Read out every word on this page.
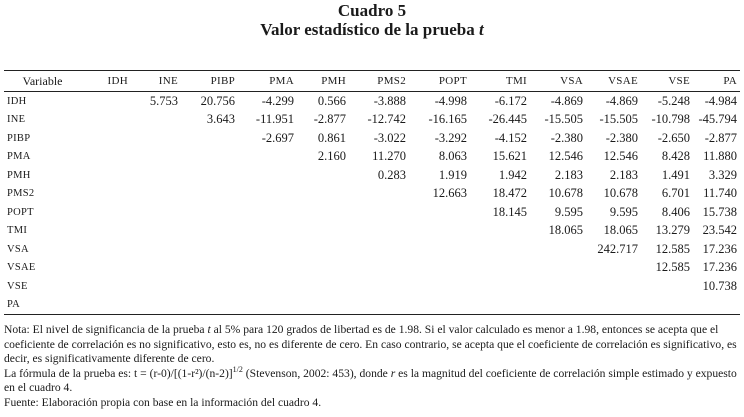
Cuadro 5
Valor estadístico de la prueba t
Variable	IDH	INE	PIBP	PMA	PMH	PMS2	POPT	TMI	VSA	VSAE	VSE	PA
IDH		5.753	20.756	-4.299	0.566	-3.888	-4.998	-6.172	-4.869	-4.869	-5.248	-4.984
INE			3.643	-11.951	-2.877	-12.742	-16.165	-26.445	-15.505	-15.505	-10.798	-45.794
PIBP				-2.697	0.861	-3.022	-3.292	-4.152	-2.380	-2.380	-2.650	-2.877
PMA					2.160	11.270	8.063	15.621	12.546	12.546	8.428	11.880
PMH						0.283	1.919	1.942	2.183	2.183	1.491	3.329
PMS2							12.663	18.472	10.678	10.678	6.701	11.740
POPT								18.145	9.595	9.595	8.406	15.738
TMI									18.065	18.065	13.279	23.542
VSA										242.717	12.585	17.236
VSAE											12.585	17.236
VSE												10.738
PA												

Nota: El nivel de significancia de la prueba t al 5% para 120 grados de libertad es de 1.98. Si el valor calculado es menor a 1.98, entonces se acepta que el coeficiente de correlación es no significativo, esto es, no es diferente de cero. En caso contrario, se acepta que el coeficiente de correlación es significativo, es decir, es significativamente diferente de cero.

La fórmula de la prueba es: $t = (r-0)/[(1-r^2)/(n-2)]^{1/2}$ (Stevenson, 2002: 453), donde r es la magnitud del coeficiente de correlación simple estimado y expuesto en el cuadro 4.

Fuente: Elaboración propia con base en la información del cuadro 4.
